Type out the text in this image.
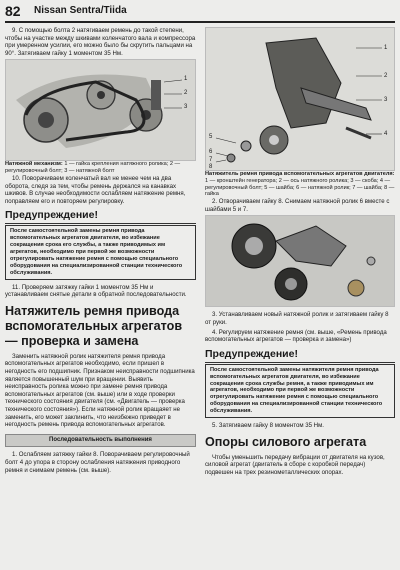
82 Nissan Sentra/Tiida

9. С помощью болта 2 натягиваем ремень до такой степени, чтобы на участке между шкивами коленчатого вала и компрессора при умеренном усилии, его можно было бы скрутить пальцами на 90°. Затягиваем гайку 1 моментом 35 Нм.

1
2
3

Натяжной механизм: 1 — гайка крепления натяжного ролика; 2 — регулировочный болт; 3 — натяжной болт

10. Поворачиваем коленчатый вал не менее чем на два оборота, следя за тем, чтобы ремень держался на канавках шкивов. В случае необходимости ослабляем натяжение ремня, поправляем его и повторяем регулировку.

Предупреждение!
После самостоятельной замены ремня привода вспомогательных агрегатов двигателя, во избежание сокращения срока его службы, а также приводимых им агрегатов, необходимо при первой же возможности отрегулировать натяжение ремня с помощью специального оборудования на специализированной станции технического обслуживания.

11. Проверяем затяжку гайки 1 моментом 35 Нм и устанавливаем снятые детали в обратной последовательности.

Натяжитель ремня привода вспомогательных агрегатов — проверка и замена

Заменить натяжной ролик натяжителя ремня привода вспомогательных агрегатов необходимо, если пришел в негодность его подшипник. Признаком неисправности подшипника является повышенный шум при вращении. Выявить неисправность ролика можно при замене ремня привода вспомогательных агрегатов (см. выше) или в ходе проверки технического состояния двигателя (см. «Двигатель — проверка технического состояния»). Если натяжной ролик вращаяет не заменить, его может заклинить, что неизбежно приведет в негодность ремень привода вспомогательных агрегатов.

Последовательность выполнения

1. Ослабляем затяжку гайки 8. Поворачиваем регулировочный болт 4 до упора в сторону ослабления натяжения приводного ремня и снимаем ремень (см. выше).

1
2
3
4
5
6
7
8

Натяжитель ремня привода вспомогательных агрегатов двигателя: 1 — кронштейн генератора; 2 — ось натяжного ролика; 3 — скоба; 4 — регулировочный болт; 5 — шайба; 6 — натяжной ролик; 7 — шайба; 8 — гайка

2. Отворачиваем гайку 8. Снимаем натяжной ролик 6 вместе с шайбами 5 и 7.

3. Устанавливаем новый натяжной ролик и затягиваем гайку 8 от руки.

4. Регулируем натяжение ремня (см. выше, «Ремень привода вспомогательных агрегатов — проверка и замена»)

Предупреждение!
После самостоятельной замены натяжителя ремня привода вспомогательных агрегатов двигателя, во избежание сокращения срока службы ремня, а также приводимых им агрегатов, необходимо при первой же возможности отрегулировать натяжение ремня с помощью специального оборудования на специализированной станции технического обслуживания.

5. Затягиваем гайку 8 моментом 35 Нм.

Опоры силового агрегата

Чтобы уменьшить передачу вибрации от двигателя на кузов, силовой агрегат (двигатель в сборе с коробкой передач) подвешен на трех резинометаллических опорах.
